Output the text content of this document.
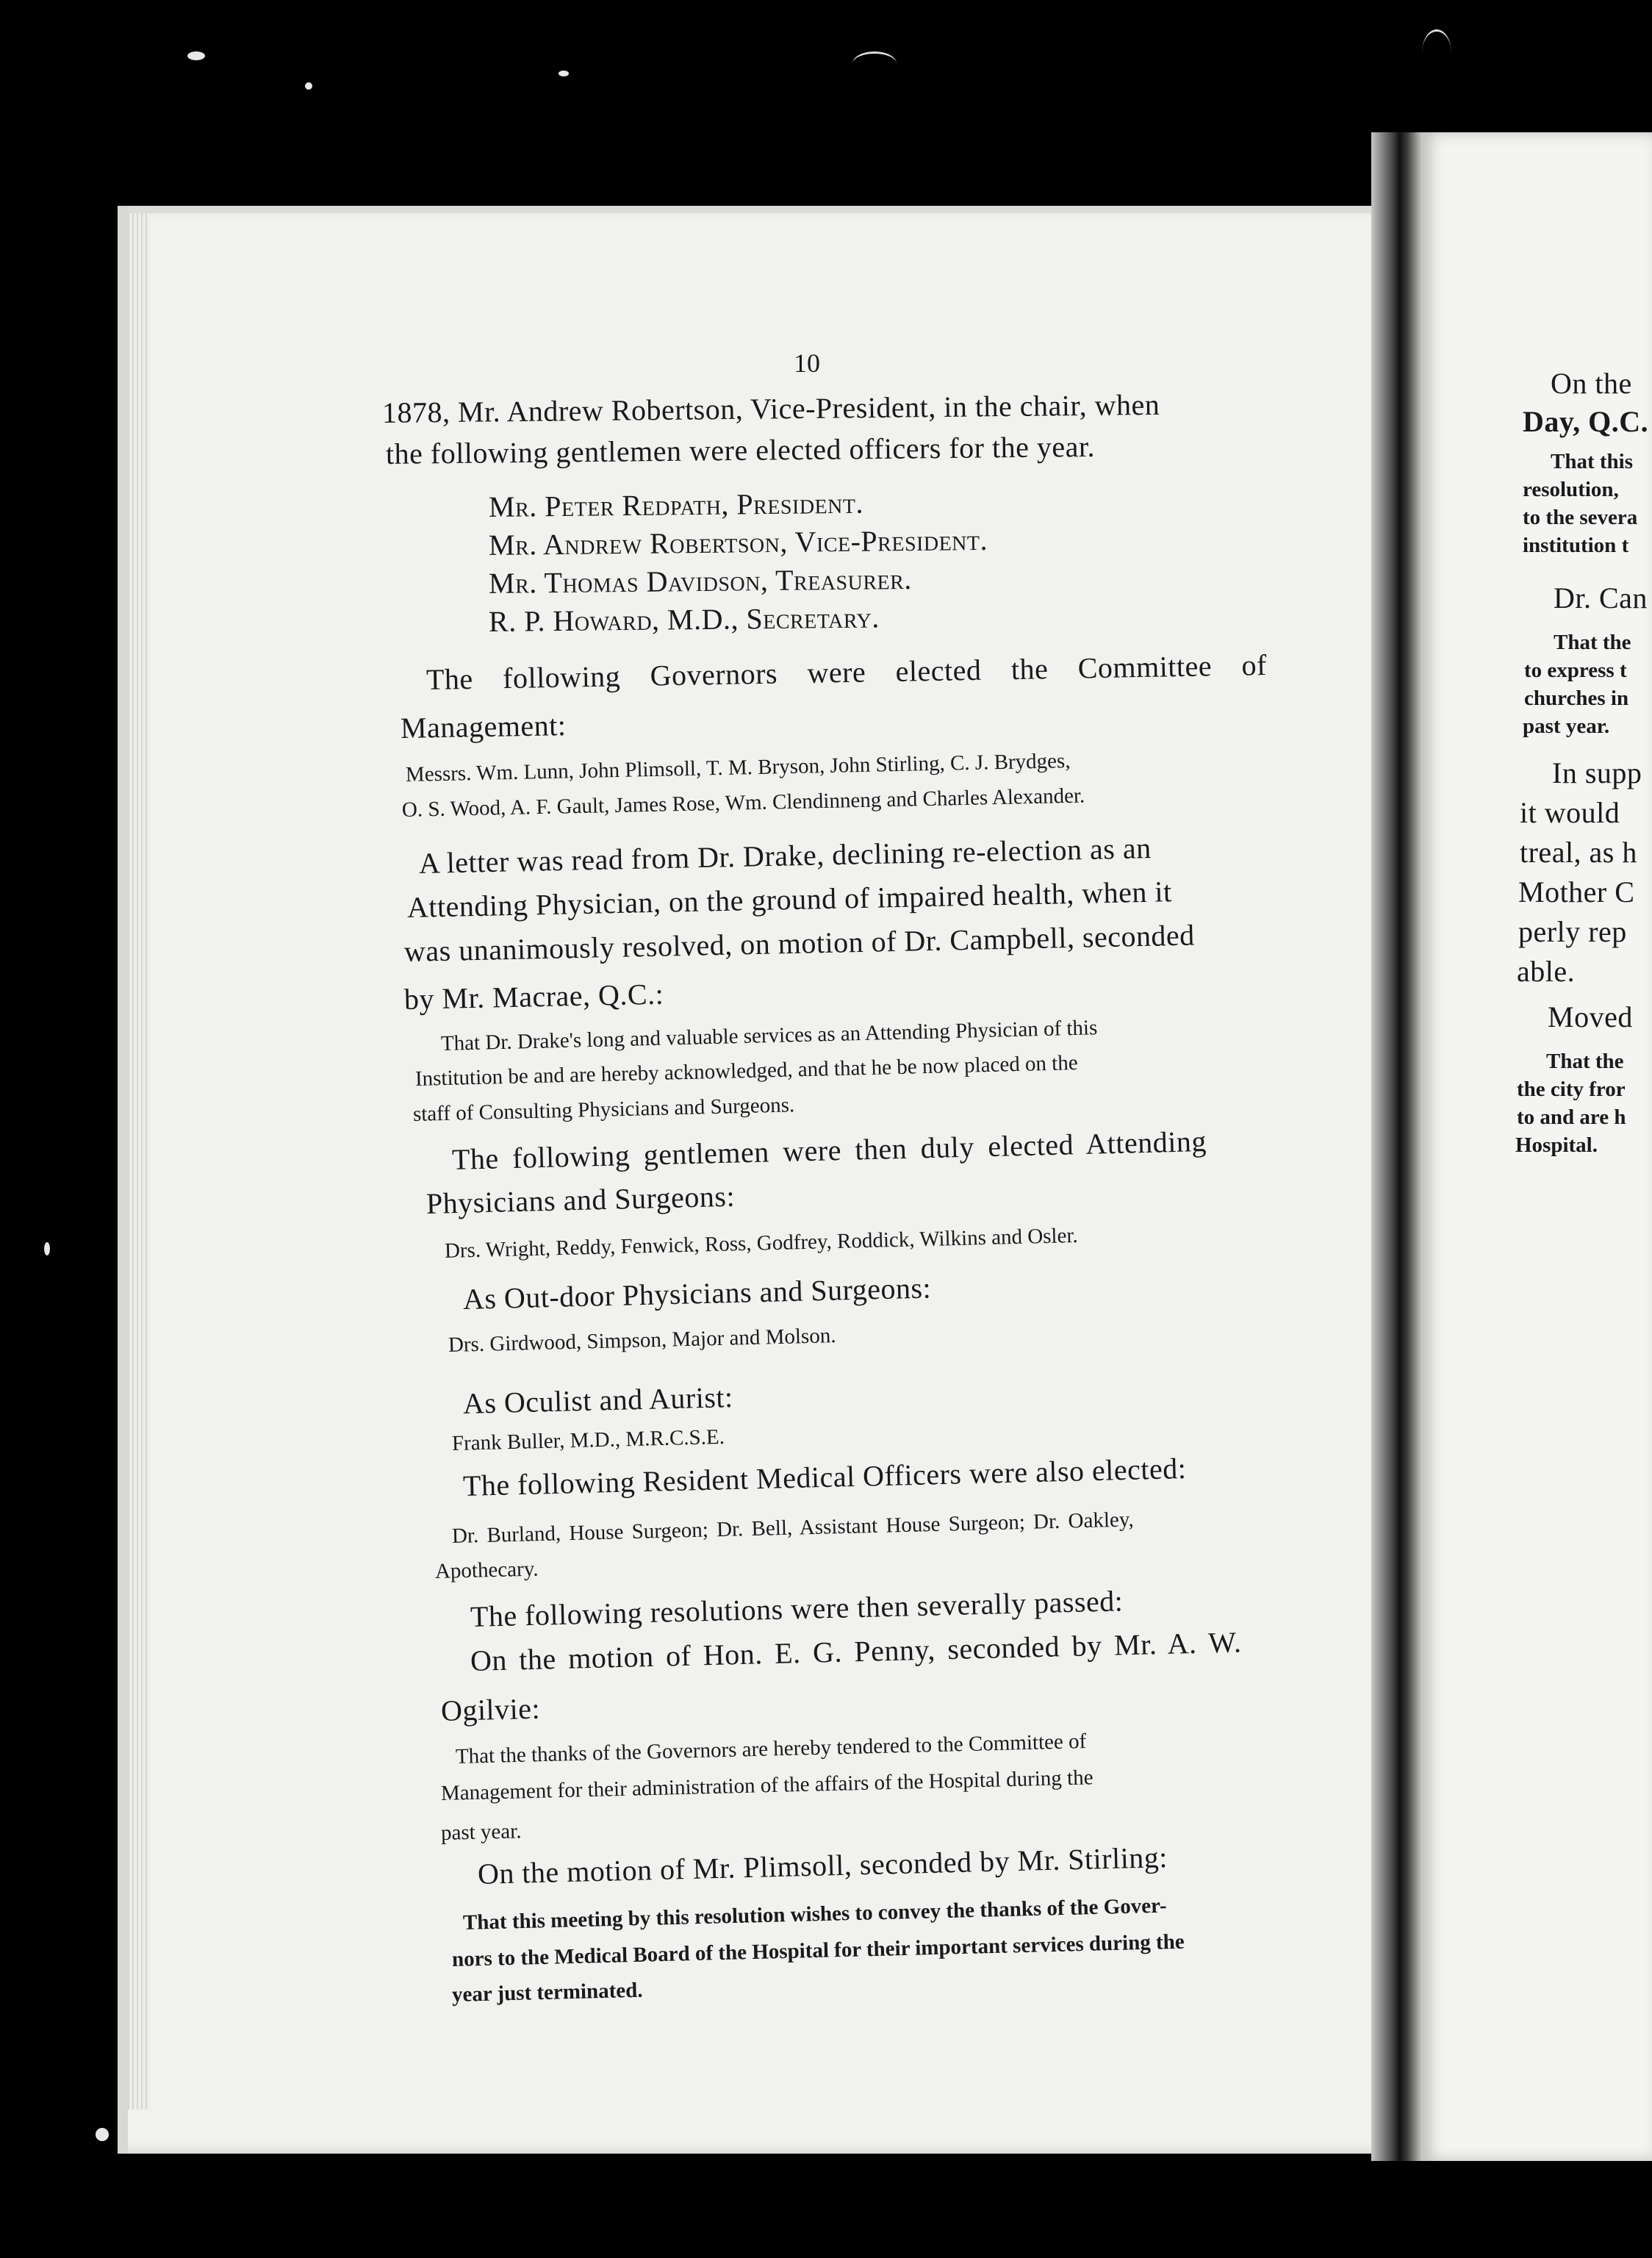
10
1878, Mr. Andrew Robertson, Vice-President, in the chair, when
the following gentlemen were elected officers for the year.
Mr. Peter Redpath, President.
Mr. Andrew Robertson, Vice-President.
Mr. Thomas Davidson, Treasurer.
R. P. Howard, M.D., Secretary.
The following Governors were elected the Committee of
Management:
Messrs. Wm. Lunn, John Plimsoll, T. M. Bryson, John Stirling, C. J. Brydges,
O. S. Wood, A. F. Gault, James Rose, Wm. Clendinneng and Charles Alexander.
A letter was read from Dr. Drake, declining re-election as an
Attending Physician, on the ground of impaired health, when it
was unanimously resolved, on motion of Dr. Campbell, seconded
by Mr. Macrae, Q.C.:
That Dr. Drake's long and valuable services as an Attending Physician of this
Institution be and are hereby acknowledged, and that he be now placed on the
staff of Consulting Physicians and Surgeons.
The following gentlemen were then duly elected Attending
Physicians and Surgeons:
Drs. Wright, Reddy, Fenwick, Ross, Godfrey, Roddick, Wilkins and Osler.
As Out-door Physicians and Surgeons:
Drs. Girdwood, Simpson, Major and Molson.
As Oculist and Aurist:
Frank Buller, M.D., M.R.C.S.E.
The following Resident Medical Officers were also elected:
Dr. Burland, House Surgeon; Dr. Bell, Assistant House Surgeon; Dr. Oakley,
Apothecary.
The following resolutions were then severally passed:
On the motion of Hon. E. G. Penny, seconded by Mr. A. W.
Ogilvie:
That the thanks of the Governors are hereby tendered to the Committee of
Management for their administration of the affairs of the Hospital during the
past year.
On the motion of Mr. Plimsoll, seconded by Mr. Stirling:
That this meeting by this resolution wishes to convey the thanks of the Gover-
nors to the Medical Board of the Hospital for their important services during the
year just terminated.
On the
Day, Q.C.
That this
resolution,
to the severa
institution t
Dr. Can
That the
to express t
churches in
past year.
In supp
it would
treal, as h
Mother C
perly rep
able.
Moved
That the
the city fror
to and are h
Hospital.
